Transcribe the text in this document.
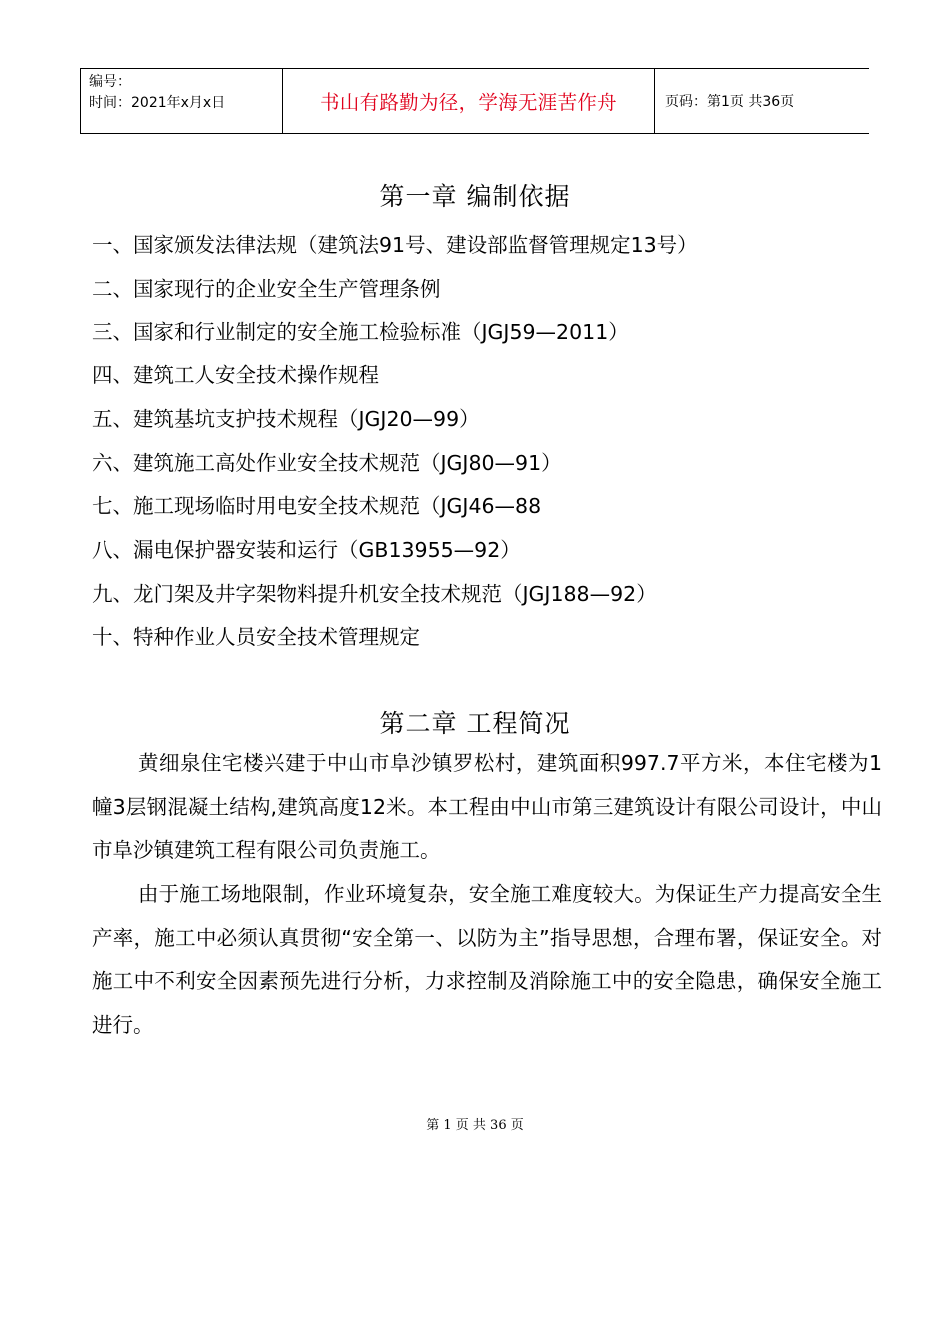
编号：
时间：2021年x月x日	书山有路勤为径，学海无涯苦作舟	页码：第1页 共36页
第一章 编制依据
一、国家颁发法律法规（建筑法91号、建设部监督管理规定13号）
二、国家现行的企业安全生产管理条例
三、国家和行业制定的安全施工检验标准（JGJ59—2011）
四、建筑工人安全技术操作规程
五、建筑基坑支护技术规程（JGJ20—99）
六、建筑施工高处作业安全技术规范（JGJ80—91）
七、施工现场临时用电安全技术规范（JGJ46—88
八、漏电保护器安装和运行（GB13955—92）
九、龙门架及井字架物料提升机安全技术规范（JGJ188—92）
十、特种作业人员安全技术管理规定
第二章 工程简况
黄细泉住宅楼兴建于中山市阜沙镇罗松村，建筑面积997.7平方米，本住宅楼为1幢3层钢混凝土结构,建筑高度12米。本工程由中山市第三建筑设计有限公司设计，中山市阜沙镇建筑工程有限公司负责施工。
由于施工场地限制，作业环境复杂，安全施工难度较大。为保证生产力提高安全生产率，施工中必须认真贯彻“安全第一、以防为主”指导思想，合理布署，保证安全。对施工中不利安全因素预先进行分析，力求控制及消除施工中的安全隐患，确保安全施工进行。
第 1 页 共 36 页
